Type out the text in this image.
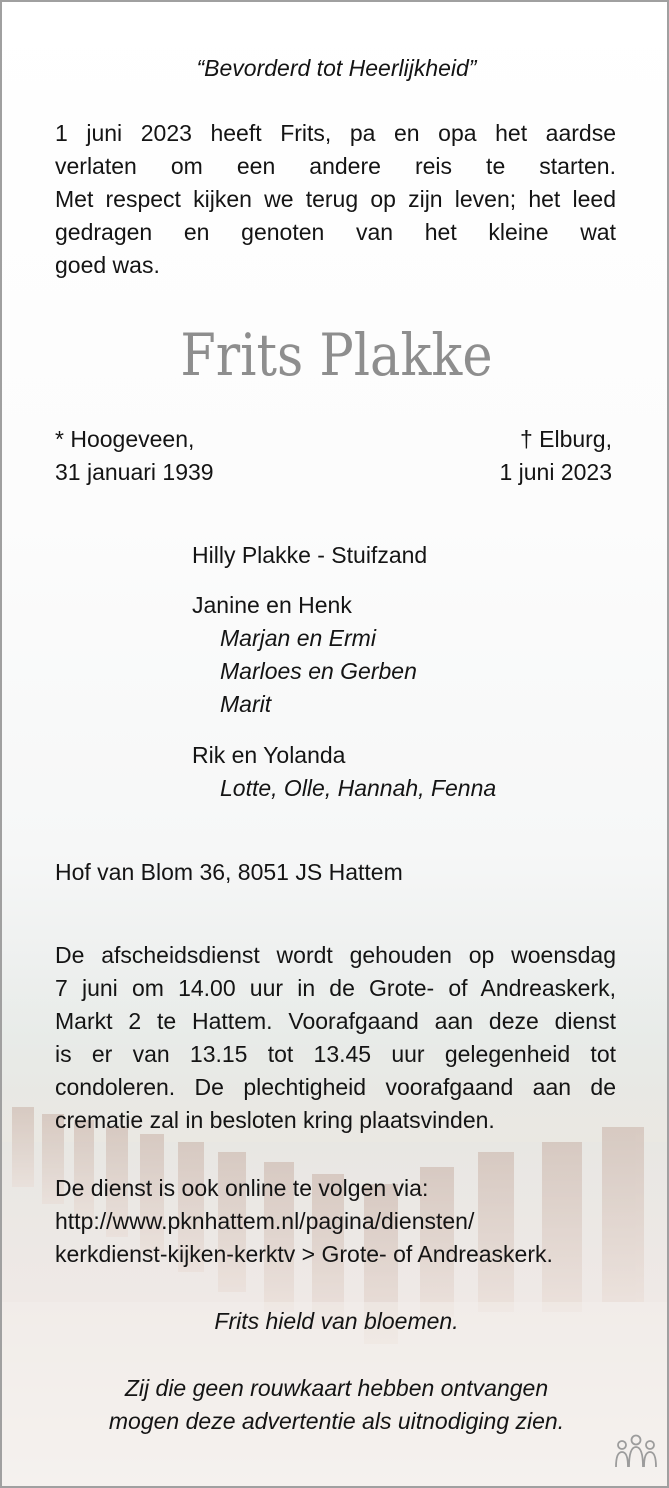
“Bevorderd tot Heerlijkheid”

1 juni 2023 heeft Frits, pa en opa het aardse
verlaten om een andere reis te starten.
Met respect kijken we terug op zijn leven; het leed
gedragen en genoten van het kleine wat
goed was.

Frits Plakke

* Hoogeveen,

31 januari 1939

† Elburg,

1 juni 2023

Hilly Plakke - Stuifzand

Janine en Henk

Marjan en Ermi

Marloes en Gerben

Marit

Rik en Yolanda

Lotte, Olle, Hannah, Fenna

Hof van Blom 36, 8051 JS Hattem

De afscheidsdienst wordt gehouden op woensdag
7 juni om 14.00 uur in de Grote- of Andreaskerk,
Markt 2 te Hattem. Voorafgaand aan deze dienst
is er van 13.15 tot 13.45 uur gelegenheid tot
condoleren. De plechtigheid voorafgaand aan de
crematie zal in besloten kring plaatsvinden.

De dienst is ook online te volgen via:

http://www.pknhattem.nl/pagina/diensten/

kerkdienst-kijken-kerktv > Grote- of Andreaskerk.

Frits hield van bloemen.

Zij die geen rouwkaart hebben ontvangen

mogen deze advertentie als uitnodiging zien.
